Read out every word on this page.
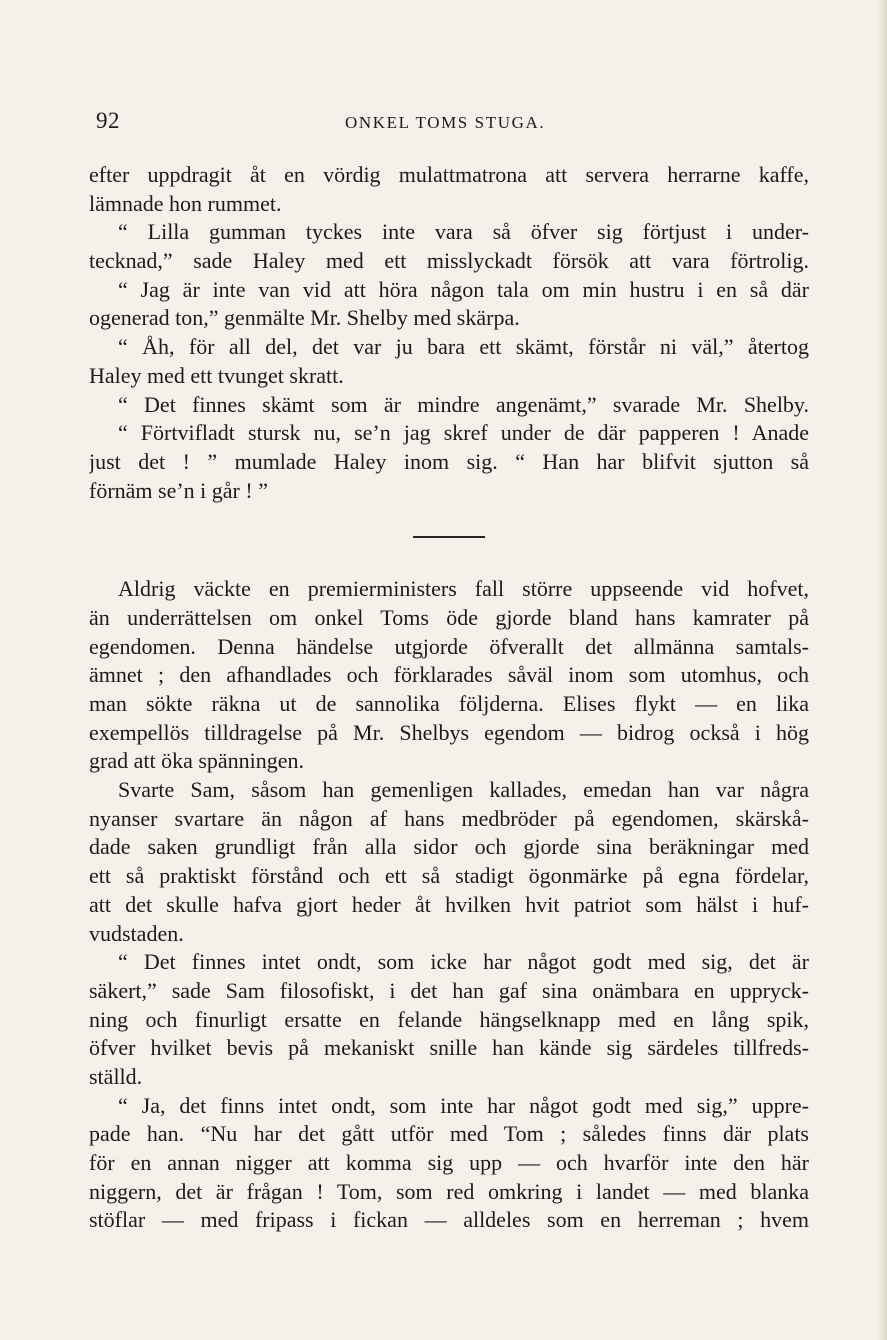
92	ONKEL TOMS STUGA.
efter uppdragit åt en vördig mulattmatrona att servera herrarne kaffe,
lämnade hon rummet.
“ Lilla gumman tyckes inte vara så öfver sig förtjust i under-
tecknad,” sade Haley med ett misslyckadt försök att vara förtrolig.
“ Jag är inte van vid att höra någon tala om min hustru i en så där
ogenerad ton,” genmälte Mr. Shelby med skärpa.
“ Åh, för all del, det var ju bara ett skämt, förstår ni väl,” återtog
Haley med ett tvunget skratt.
“ Det finnes skämt som är mindre angenämt,” svarade Mr. Shelby.
“ Förtvifladt stursk nu, se’n jag skref under de där papperen ! Anade
just det ! ” mumlade Haley inom sig. “ Han har blifvit sjutton så
förnäm se’n i går ! ”
Aldrig väckte en premierministers fall större uppseende vid hofvet,
än underrättelsen om onkel Toms öde gjorde bland hans kamrater på
egendomen. Denna händelse utgjorde öfverallt det allmänna samtals-
ämnet ; den afhandlades och förklarades såväl inom som utomhus, och
man sökte räkna ut de sannolika följderna. Elises flykt — en lika
exempellös tilldragelse på Mr. Shelbys egendom — bidrog också i hög
grad att öka spänningen.
Svarte Sam, såsom han gemenligen kallades, emedan han var några
nyanser svartare än någon af hans medbröder på egendomen, skärskå-
dade saken grundligt från alla sidor och gjorde sina beräkningar med
ett så praktiskt förstånd och ett så stadigt ögonmärke på egna fördelar,
att det skulle hafva gjort heder åt hvilken hvit patriot som hälst i huf-
vudstaden.
“ Det finnes intet ondt, som icke har något godt med sig, det är
säkert,” sade Sam filosofiskt, i det han gaf sina onämbara en uppryck-
ning och finurligt ersatte en felande hängselknapp med en lång spik,
öfver hvilket bevis på mekaniskt snille han kände sig särdeles tillfreds-
ställd.
“ Ja, det finns intet ondt, som inte har något godt med sig,” uppre-
pade han. “Nu har det gått utför med Tom ; således finns där plats
för en annan nigger att komma sig upp — och hvarför inte den här
niggern, det är frågan ! Tom, som red omkring i landet — med blanka
stöflar — med fripass i fickan — alldeles som en herreman ; hvem
